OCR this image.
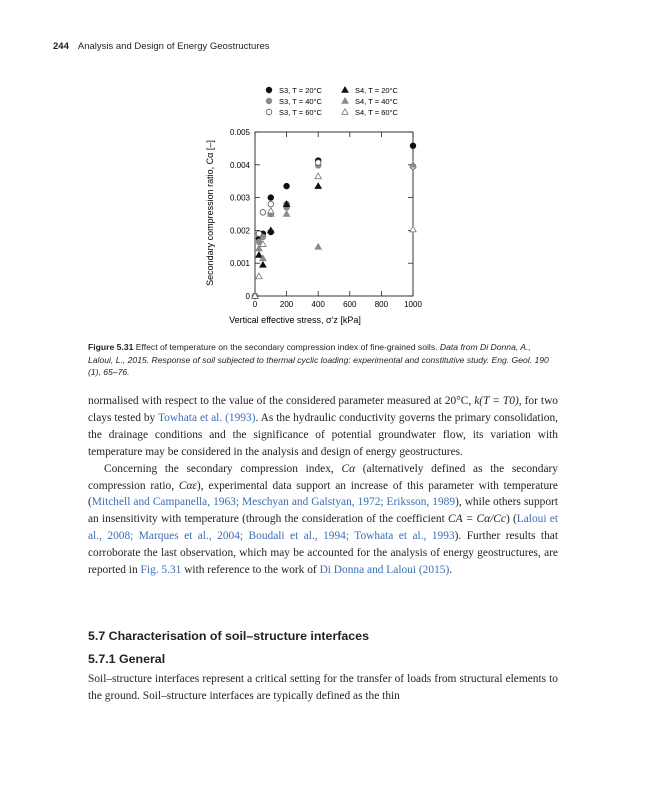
244 Analysis and Design of Energy Geostructures
S3, T = 20°C
S3, T = 40°C
S3, T = 60°C
S4, T = 20°C
S4, T = 40°C
S4, T = 60°C
0	200 400 600 800 1000
0
0.001
0.002
0.003
0.004
0.005
Vertical effective stress, σ'z [kPa]
Secondary compression ratio, Cα [–]
Figure 5.31 Effect of temperature on the secondary compression index of fine-grained soils. Data from Di Donna, A., Laloui, L., 2015. Response of soil subjected to thermal cyclic loading: experimental and constitutive study. Eng. Geol. 190 (1), 65–76.

normalised with respect to the value of the considered parameter measured at 20°C, k(T = T0), for two clays tested by Towhata et al. (1993). As the hydraulic conductivity governs the primary consolidation, the drainage conditions and the significance of potential groundwater flow, its variation with temperature may be considered in the analysis and design of energy geostructures.

Concerning the secondary compression index, Cα (alternatively defined as the secondary compression ratio, Cαε), experimental data support an increase of this parameter with temperature (Mitchell and Campanella, 1963; Meschyan and Galstyan, 1972; Eriksson, 1989), while others support an insensitivity with temperature (through the consideration of the coefficient CA = Cα/Cc) (Laloui et al., 2008; Marques et al., 2004; Boudali et al., 1994; Towhata et al., 1993). Further results that corroborate the last observation, which may be accounted for the analysis of energy geostructures, are reported in Fig. 5.31 with reference to the work of Di Donna and Laloui (2015).

5.7 Characterisation of soil–structure interfaces
5.7.1 General

Soil–structure interfaces represent a critical setting for the transfer of loads from structural elements to the ground. Soil–structure interfaces are typically defined as the thin
